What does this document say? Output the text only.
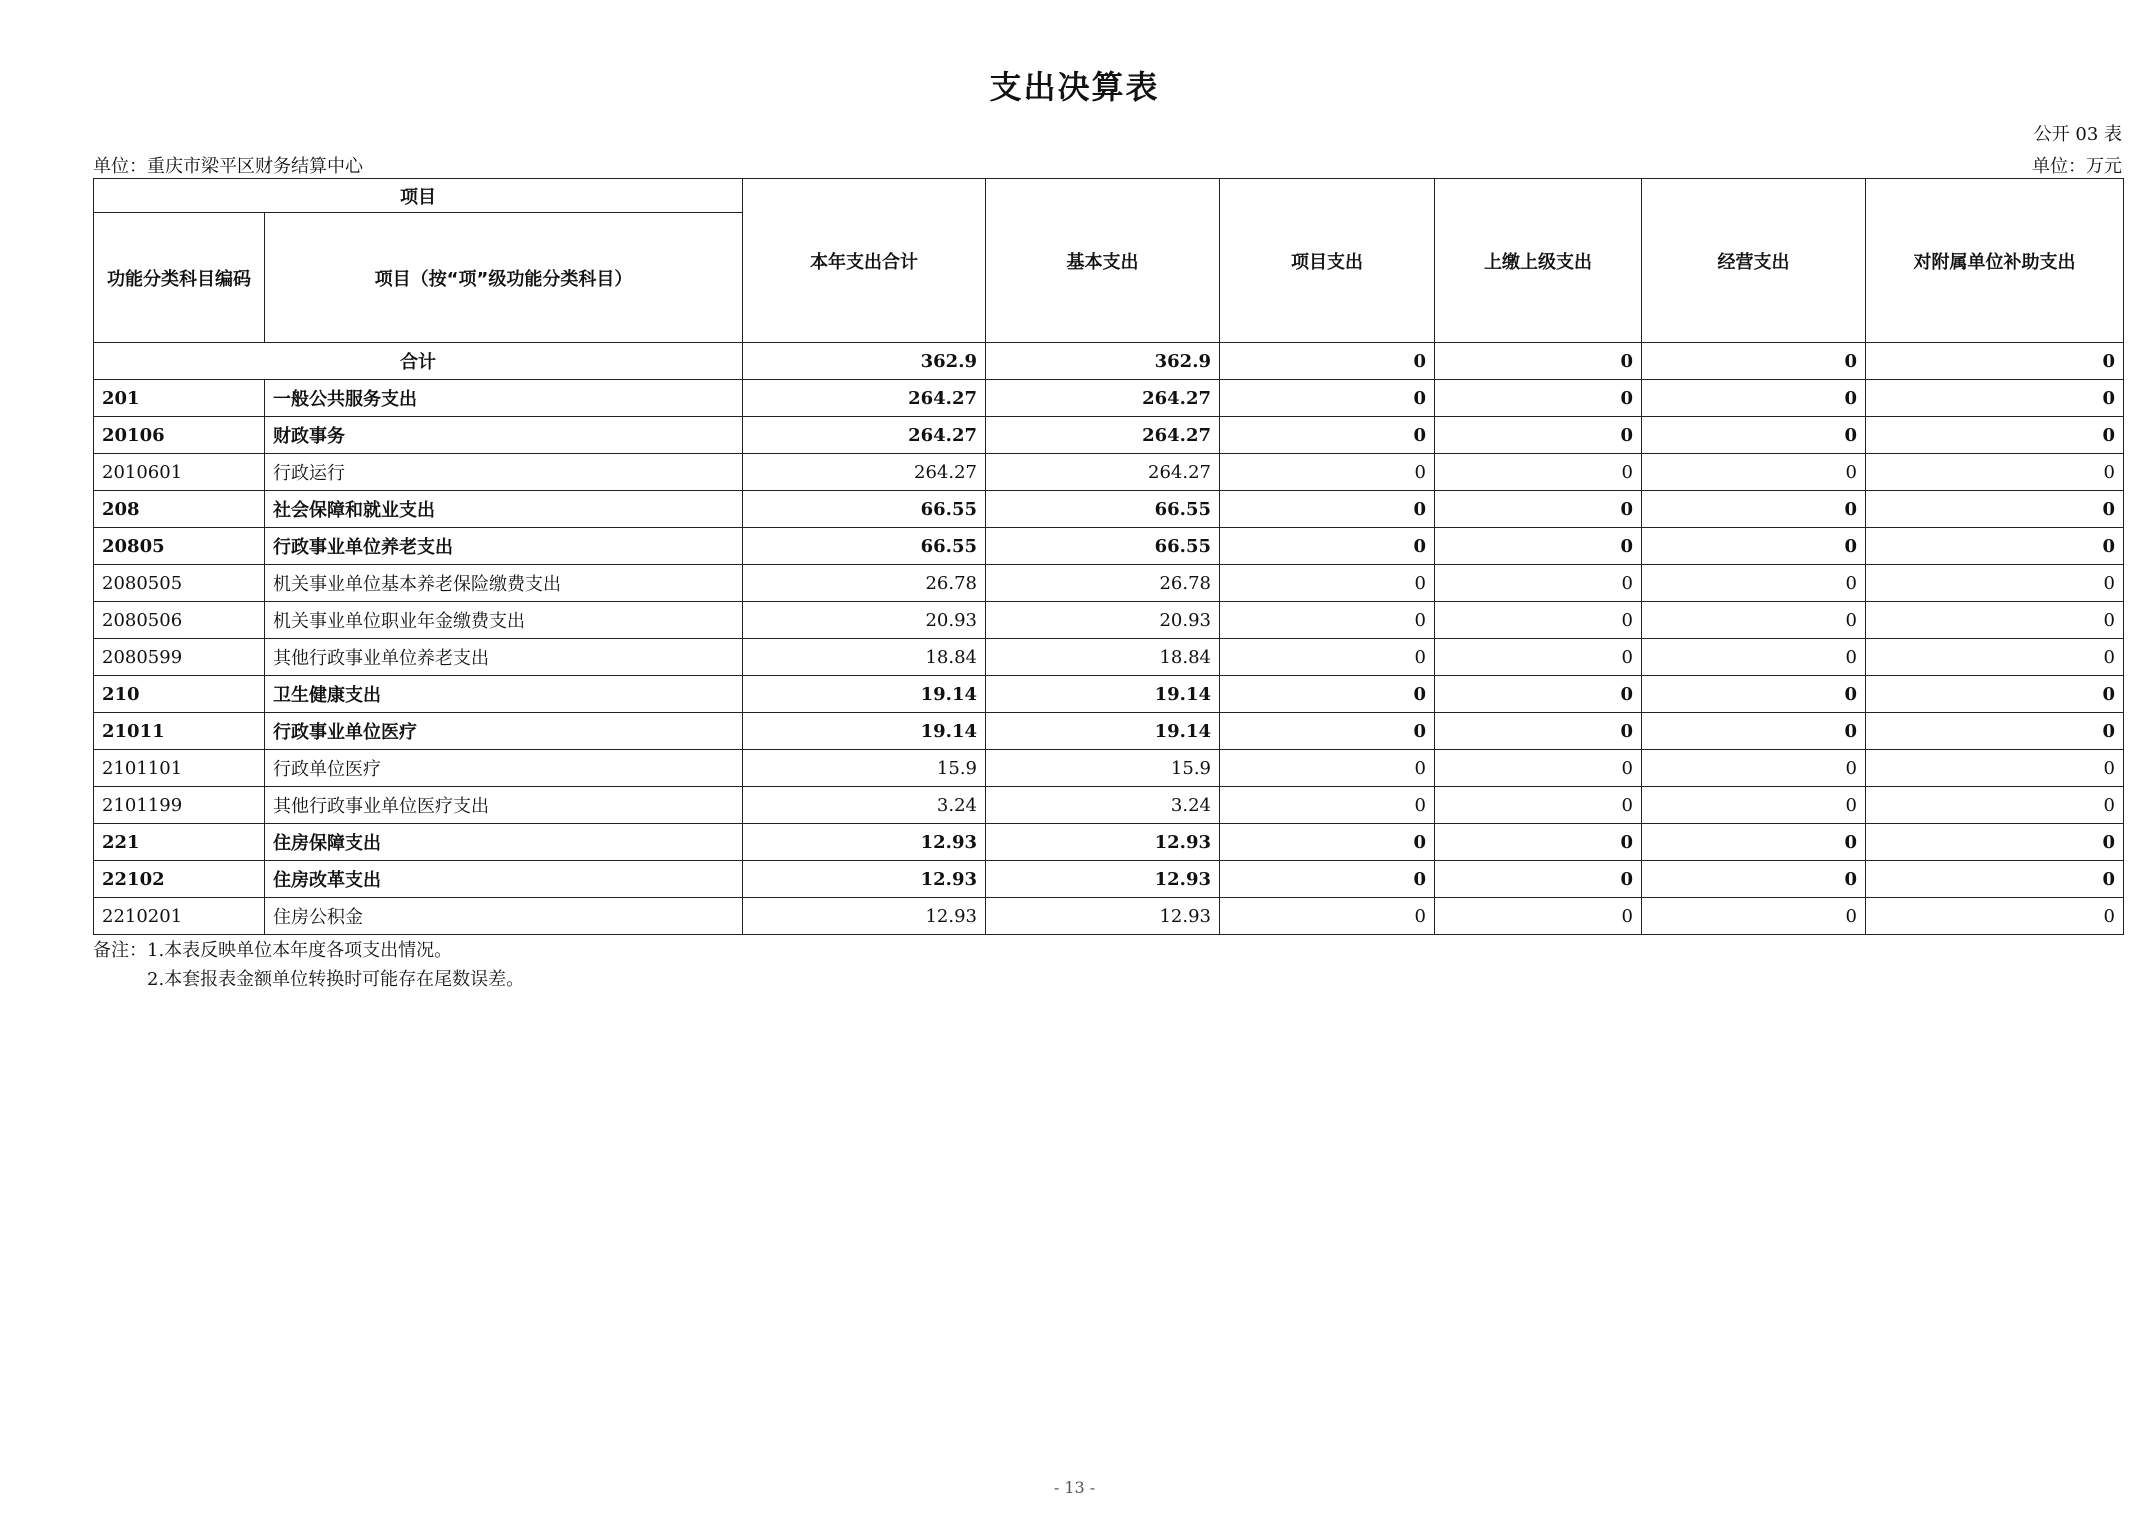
支出决算表
公开 03 表
单位：重庆市梁平区财务结算中心	单位：万元
项目		本年支出合计	基本支出	项目支出	上缴上级支出	经营支出	对附属单位补助支出
功能分类科目编码	项目（按“项”级功能分类科目）						
合计		362.9	362.9	0	0	0	0
201	一般公共服务支出	264.27	264.27	0	0	0	0
20106	财政事务	264.27	264.27	0	0	0	0
2010601	行政运行	264.27	264.27	0	0	0	0
208	社会保障和就业支出	66.55	66.55	0	0	0	0
20805	行政事业单位养老支出	66.55	66.55	0	0	0	0
2080505	机关事业单位基本养老保险缴费支出	26.78	26.78	0	0	0	0
2080506	机关事业单位职业年金缴费支出	20.93	20.93	0	0	0	0
2080599	其他行政事业单位养老支出	18.84	18.84	0	0	0	0
210	卫生健康支出	19.14	19.14	0	0	0	0
21011	行政事业单位医疗	19.14	19.14	0	0	0	0
2101101	行政单位医疗	15.9	15.9	0	0	0	0
2101199	其他行政事业单位医疗支出	3.24	3.24	0	0	0	0
221	住房保障支出	12.93	12.93	0	0	0	0
22102	住房改革支出	12.93	12.93	0	0	0	0
2210201	住房公积金	12.93	12.93	0	0	0	0
备注：1.本表反映单位本年度各项支出情况。
2.本套报表金额单位转换时可能存在尾数误差。
- 13 -
